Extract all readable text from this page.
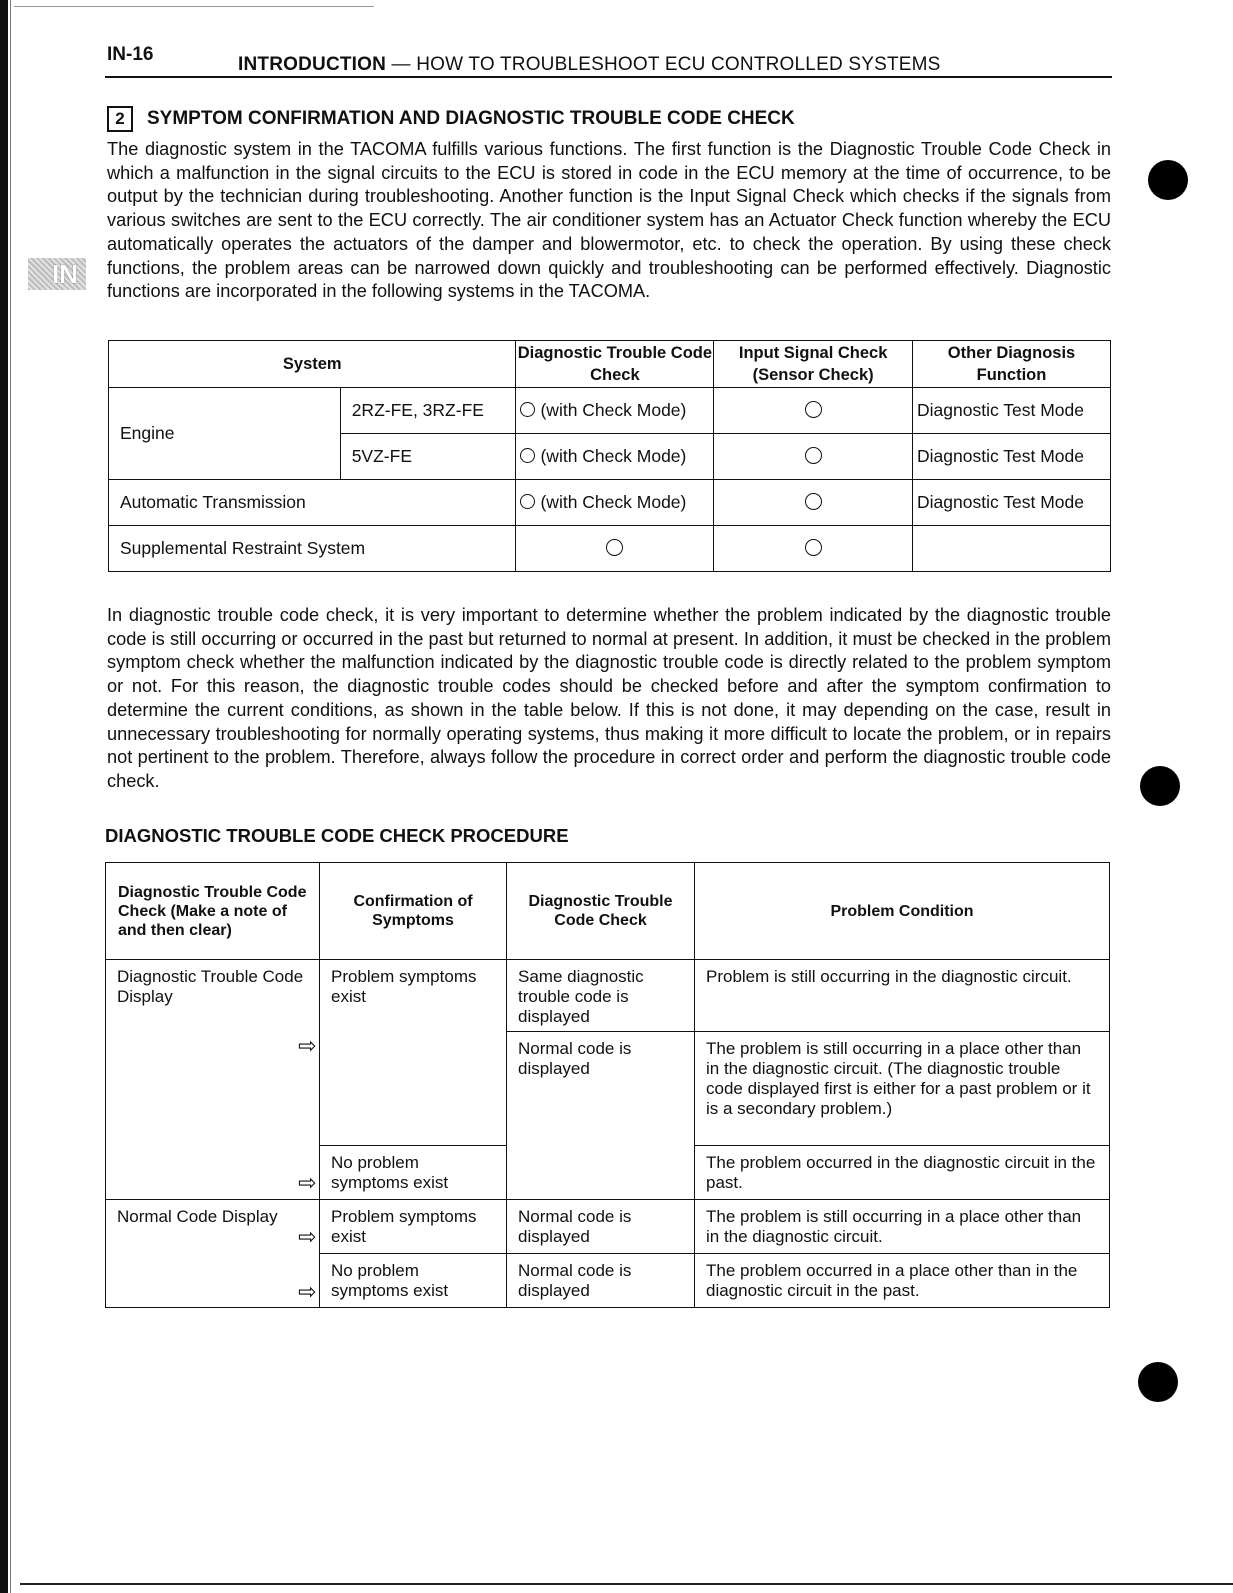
IN
IN-16	INTRODUCTION — HOW TO TROUBLESHOOT ECU CONTROLLED SYSTEMS
2	SYMPTOM CONFIRMATION AND DIAGNOSTIC TROUBLE CODE CHECK

The diagnostic system in the TACOMA fulfills various functions. The first function is the Diagnostic Trouble Code Check in which a malfunction in the signal circuits to the ECU is stored in code in the ECU memory at the time of occurrence, to be output by the technician during troubleshooting. Another function is the Input Signal Check which checks if the signals from various switches are sent to the ECU correctly. The air conditioner system has an Actuator Check function whereby the ECU automatically operates the actuators of the damper and blowermotor, etc. to check the operation. By using these check functions, the problem areas can be narrowed down quickly and troubleshooting can be performed effectively. Diagnostic functions are incorporated in the following systems in the TACOMA.

System		Diagnostic Trouble Code Check	Input Signal Check (Sensor Check)	Other Diagnosis Function
Engine	2RZ-FE, 3RZ-FE	(with Check Mode)		Diagnostic Test Mode
	5VZ-FE	(with Check Mode)		Diagnostic Test Mode
Automatic Transmission		(with Check Mode)		Diagnostic Test Mode
Supplemental Restraint System				

In diagnostic trouble code check, it is very important to determine whether the problem indicated by the diagnostic trouble code is still occurring or occurred in the past but returned to normal at present. In addition, it must be checked in the problem symptom check whether the malfunction indicated by the diagnostic trouble code is directly related to the problem symptom or not. For this reason, the diagnostic trouble codes should be checked before and after the symptom confirmation to determine the current conditions, as shown in the table below. If this is not done, it may depending on the case, result in unnecessary troubleshooting for normally operating systems, thus making it more difficult to locate the problem, or in repairs not pertinent to the problem. Therefore, always follow the procedure in correct order and perform the diagnostic trouble code check.

DIAGNOSTIC TROUBLE CODE CHECK PROCEDURE
Diagnostic Trouble Code Check (Make a note of and then clear)	Confirmation of Symptoms	Diagnostic Trouble Code Check	Problem Condition
Diagnostic Trouble Code Display	Problem symptoms exist	Same diagnostic trouble code is displayed	Problem is still occurring in the diagnostic circuit.
		Normal code is displayed	The problem is still occurring in a place other than in the diagnostic circuit. (The diagnostic trouble code displayed first is either for a past problem or it is a secondary problem.)
	No problem symptoms exist		The problem occurred in the diagnostic circuit in the past.
Normal Code Display	Problem symptoms exist	Normal code is displayed	The problem is still occurring in a place other than in the diagnostic circuit.
	No problem symptoms exist	Normal code is displayed	The problem occurred in a place other than in the diagnostic circuit in the past.
⇨
⇨
⇨
⇨
